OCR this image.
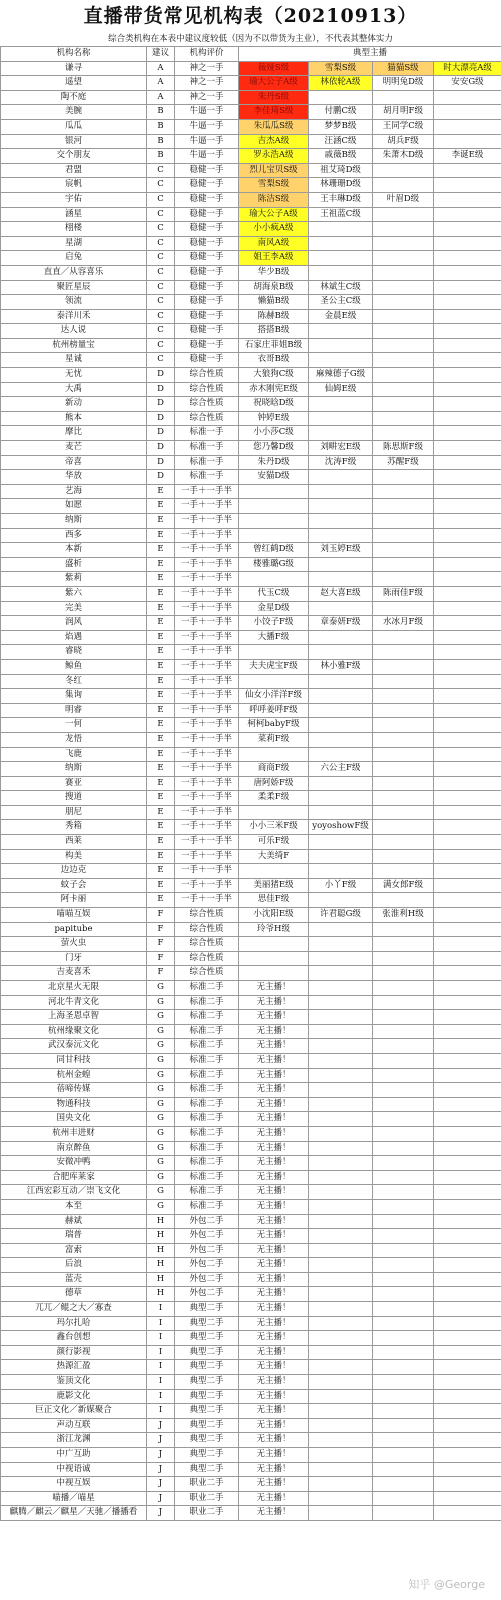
直播带货常见机构表（20210913）
综合类机构在本表中建议度较低（因为不以带货为主业），不代表其整体实力
机构名称	建议	机构评价	典型主播			
谦寻	A	神之一手	薇娅S级	雪梨S级	猫猫S级	时大漂亮A级
遥望	A	神之一手	瑜大公子A级	林依轮A级	明明兔D级	安安G级
陶不庭	A	神之一手	朱丹S级			
美腕	B	牛逼一手	李佳琦S级	付鹏C级	胡月明F级	
瓜瓜	B	牛逼一手	朱瓜瓜S级	梦梦B级	王同学C级	
银河	B	牛逼一手	吉杰A级	汪涵C级	胡兵F级	
交个朋友	B	牛逼一手	罗永浩A级	戚薇B级	朱萧木D级	李诞E级
君盟	C	稳健一手	烈儿宝贝S级	祖艾琦D级		
宸帆	C	稳健一手	雪梨S级	林珊珊D级		
宇佑	C	稳健一手	陈洁S级	王丰琳D级	叶眉D级	
涵星	C	稳健一手	瑜大公子A级	王祖蓝C级		
栩楼	C	稳健一手	小小疯A级			
星湖	C	稳健一手	南风A级			
启兔	C	稳健一手	姐王李A级			
直直／从容喜乐	C	稳健一手	华少B级			
聚匠星辰	C	稳健一手	胡海泉B级	林斌生C级		
领流	C	稳健一手	懒猫B级	圣公主C级		
泰洋川禾	C	稳健一手	陈赫B级	金晨E级		
达人说	C	稳健一手	搭搭B级			
杭州榜量宝	C	稳健一手	石家庄菲姐B级			
星诚	C	稳健一手	衣哥B级			
无忧	D	综合性质	大狼狗C级	麻辣德子G级		
大禹	D	综合性质	赤木刚宪E级	仙姆E级		
新动	D	综合性质	祝晓晗D级			
熊本	D	综合性质	钟婷E级			
摩比	D	标准一手	小小莎C级			
麦芒	D	标准一手	您乃馨D级	刘畊宏E级	陈思斯F级	
帝喜	D	标准一手	朱丹D级	沈涛F级	苏醒F级	
华放	D	标准一手	安猫D级			
艺海	E	一手＋一手半				
如愿	E	一手＋一手半				
纳斯	E	一手＋一手半				
西多	E	一手＋一手半				
本新	E	一手＋一手半	曾红鹤D级	刘玉婷E级		
盛析	E	一手＋一手半	楼雅璐G级			
紫莉	E	一手＋一手半				
紫六	E	一手＋一手半	代玉C级	赵大喜E级	陈雨佳F级	
完美	E	一手＋一手半	金星D级			
润风	E	一手＋一手半	小饺子F级	章泰妍F级	水冰月F级	
焰遇	E	一手＋一手半	大播F级			
睿晓	E	一手＋一手半				
鲸鱼	E	一手＋一手半	夫夫虎宝F级	林小雅F级		
冬红	E	一手＋一手半				
集询	E	一手＋一手半	仙女小洋洋F级			
明睿	E	一手＋一手半	呼呼姜呼F级			
一何	E	一手＋一手半	柯柯babyF级			
龙悟	E	一手＋一手半	菜莉F级			
飞鹿	E	一手＋一手半				
纳斯	E	一手＋一手半	商商F级	六公主F级		
赛亚	E	一手＋一手半	唐阿娇F级			
搜道	E	一手＋一手半	柔柔F级			
朋尼	E	一手＋一手半				
秀箱	E	一手＋一手半	小小三米F级	yoyoshowF级		
西莱	E	一手＋一手半	可乐F级			
构美	E	一手＋一手半	大美绮F			
边边克	E	一手＋一手半				
蚊子会	E	一手＋一手半	美丽猪E级	小丫F级	满女郎F级	
阿卡丽	E	一手＋一手半	思佳F级			
喵喵互娱	F	综合性质	小沈阳E级	许君聪G级	张淮利H级	
papitube	F	综合性质	玲爷H级			
萤火虫	F	综合性质				
门牙	F	综合性质				
吉麦喜禾	F	综合性质				
北京星火无限	G	标准二手	无主播！			
河北牛青文化	G	标准二手	无主播！			
上海圣恩卓智	G	标准二手	无主播！			
杭州缘聚文化	G	标准二手	无主播！			
武汉泰沅文化	G	标准二手	无主播！			
同甘科技	G	标准二手	无主播！			
杭州金蝗	G	标准二手	无主播！			
蓓啼传媒	G	标准二手	无主播！			
物通科技	G	标准二手	无主播！			
国央文化	G	标准二手	无主播！			
杭州丰进财	G	标准二手	无主播！			
南京醉鱼	G	标准二手	无主播！			
安微冲鸭	G	标准二手	无主播！			
合肥库莱家	G	标准二手	无主播！			
江西宏彩互动／崇飞文化	G	标准二手	无主播！			
本至	G	标准二手	无主播！			
赫斌	H	外包二手	无主播！			
瑞普	H	外包二手	无主播！			
富索	H	外包二手	无主播！			
后浪	H	外包二手	无主播！			
蓝壳	H	外包二手	无主播！			
德草	H	外包二手	无主播！			
兀兀／鲲之大／寡查	I	典型二手	无主播！			
玛尔扎哈	I	典型二手	无主播！			
鑫台创想	I	典型二手	无主播！			
颜行影视	I	典型二手	无主播！			
热源汇盈	I	典型二手	无主播！			
鉴顶文化	I	典型二手	无主播！			
鹿影文化	I	典型二手	无主播！			
巨正文化／新媒聚合	I	典型二手	无主播！			
声动互联	J	典型二手	无主播！			
浙江龙渊	J	典型二手	无主播！			
中广互助	J	典型二手	无主播！			
中视语诚	J	典型二手	无主播！			
中视互娱	J	职业二手	无主播！			
喵播／喵星	J	职业二手	无主播！			
麒腾／麒云／麒星／天驰／播播看	J	职业二手	无主播！			
知乎 @George
